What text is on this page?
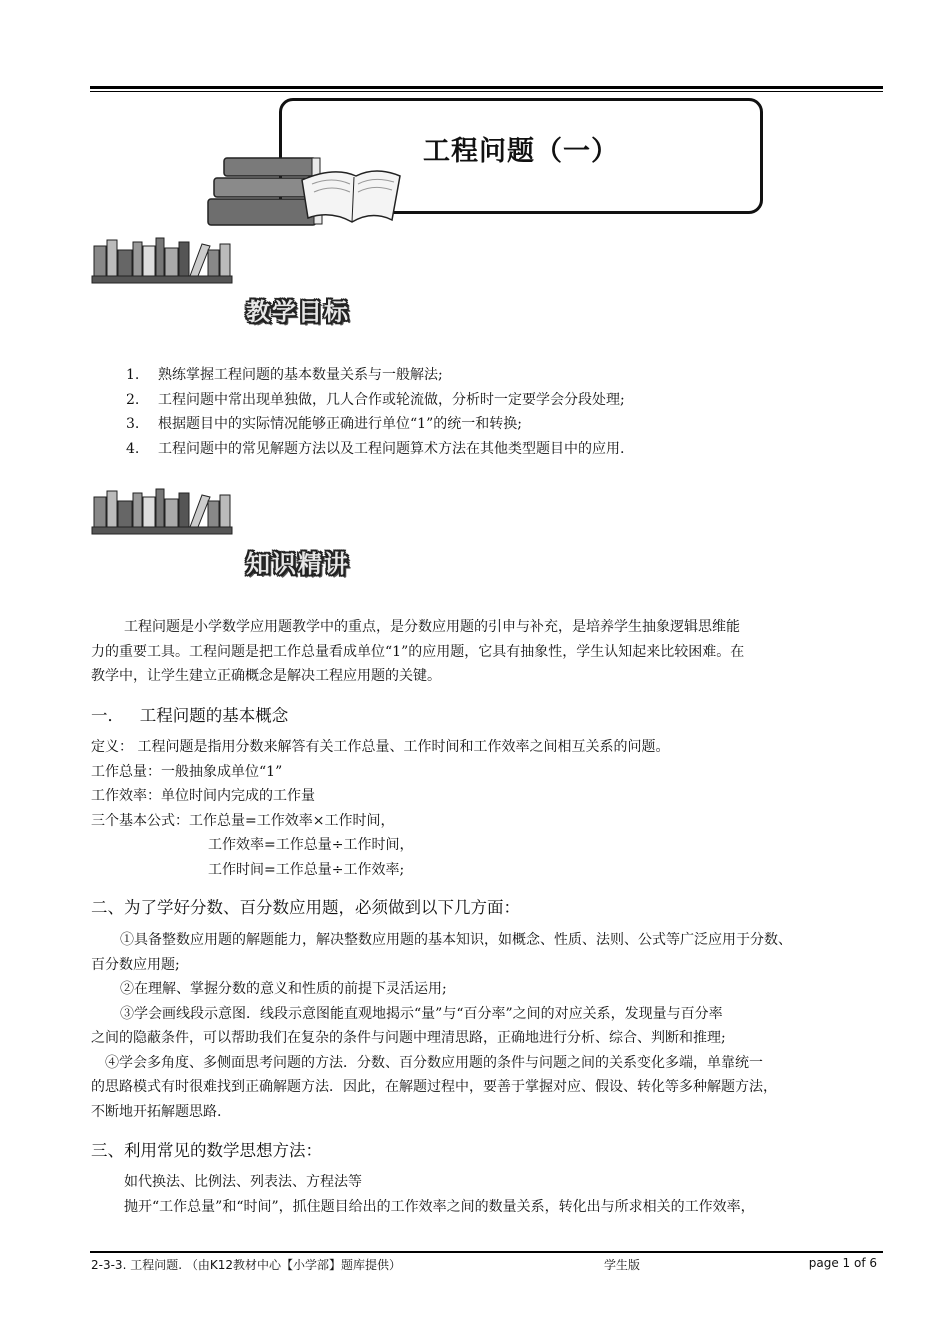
工程问题（一）
教学目标
1. 熟练掌握工程问题的基本数量关系与一般解法;
2. 工程问题中常出现单独做，几人合作或轮流做，分析时一定要学会分段处理;
3. 根据题目中的实际情况能够正确进行单位“1”的统一和转换;
4. 工程问题中的常见解题方法以及工程问题算术方法在其他类型题目中的应用.
知识精讲
工程问题是小学数学应用题教学中的重点，是分数应用题的引申与补充，是培养学生抽象逻辑思维能
力的重要工具。工程问题是把工作总量看成单位“1”的应用题，它具有抽象性，学生认知起来比较困难。在
教学中，让学生建立正确概念是解决工程应用题的关键。
一．   工程问题的基本概念
定义： 工程问题是指用分数来解答有关工作总量、工作时间和工作效率之间相互关系的问题。
工作总量：一般抽象成单位“1”
工作效率：单位时间内完成的工作量
三个基本公式：工作总量=工作效率×工作时间，
工作效率=工作总量÷工作时间，
工作时间=工作总量÷工作效率;
二、为了学好分数、百分数应用题，必须做到以下几方面：
①具备整数应用题的解题能力，解决整数应用题的基本知识，如概念、性质、法则、公式等广泛应用于分数、
百分数应用题;
②在理解、掌握分数的意义和性质的前提下灵活运用;
③学会画线段示意图．线段示意图能直观地揭示“量”与“百分率”之间的对应关系，发现量与百分率
之间的隐蔽条件，可以帮助我们在复杂的条件与问题中理清思路，正确地进行分析、综合、判断和推理;
④学会多角度、多侧面思考问题的方法．分数、百分数应用题的条件与问题之间的关系变化多端，单靠统一
的思路模式有时很难找到正确解题方法．因此，在解题过程中，要善于掌握对应、假设、转化等多种解题方法，
不断地开拓解题思路.
三、利用常见的数学思想方法：
如代换法、比例法、列表法、方程法等
抛开“工作总量”和“时间”，抓住题目给出的工作效率之间的数量关系，转化出与所求相关的工作效率，
2-3-3. 工程问题. （由K12教材中心【小学部】题库提供）	学生版	page 1 of 6
